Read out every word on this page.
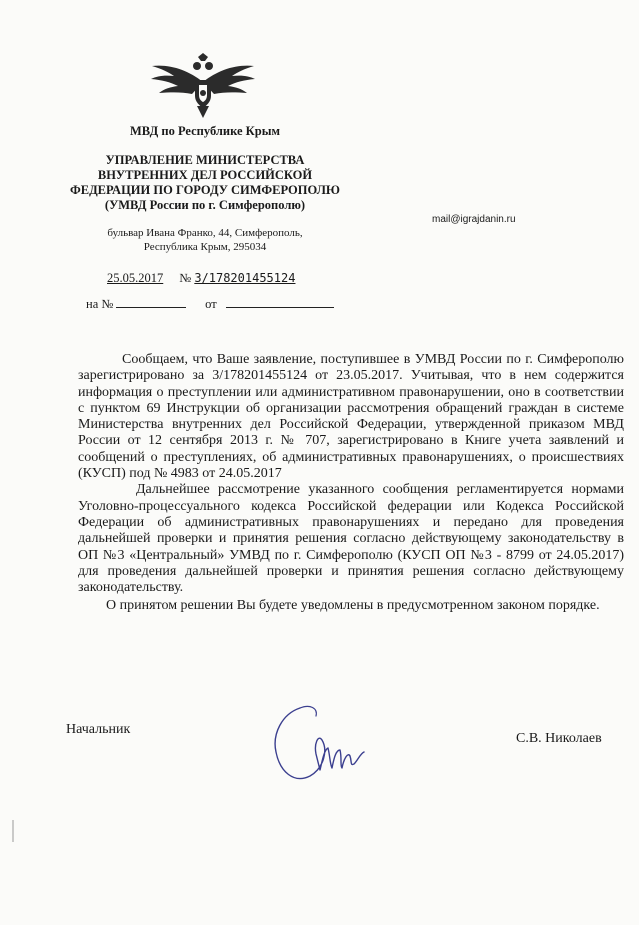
МВД по Республике Крым
УПРАВЛЕНИЕ МИНИСТЕРСТВА
ВНУТРЕННИХ ДЕЛ РОССИЙСКОЙ
ФЕДЕРАЦИИ ПО ГОРОДУ СИМФЕРОПОЛЮ
(УМВД России по г. Симферополю)
бульвар Ивана Франко, 44, Симферополь,
Республика Крым, 295034
mail@igrajdanin.ru
25.05.2017 № 3/178201455124
на №	от

Сообщаем, что Ваше заявление, поступившее в УМВД России по г. Симферополю зарегистрировано за 3/178201455124 от 23.05.2017. Учитывая, что в нем содержится информация о преступлении или административном правонарушении, оно в соответствии с пунктом 69 Инструкции об организации рассмотрения обращений граждан в системе Министерства внутренних дел Российской Федерации, утвержденной приказом МВД России от 12 сентября 2013 г. № 707, зарегистрировано в Книге учета заявлений и сообщений о преступлениях, об административных правонарушениях, о происшествиях (КУСП) под № 4983 от 24.05.2017

Дальнейшее рассмотрение указанного сообщения регламентируется нормами Уголовно-процессуального кодекса Российской федерации или Кодекса Российской Федерации об административных правонарушениях и передано для проведения дальнейшей проверки и принятия решения согласно действующему законодательству в ОП №3 «Центральный» УМВД по г. Симферополю (КУСП ОП №3 - 8799 от 24.05.2017) для проведения дальнейшей проверки и принятия решения согласно действующему законодательству.

О принятом решении Вы будете уведомлены в предусмотренном законом порядке.

Начальник
С.В. Николаев
